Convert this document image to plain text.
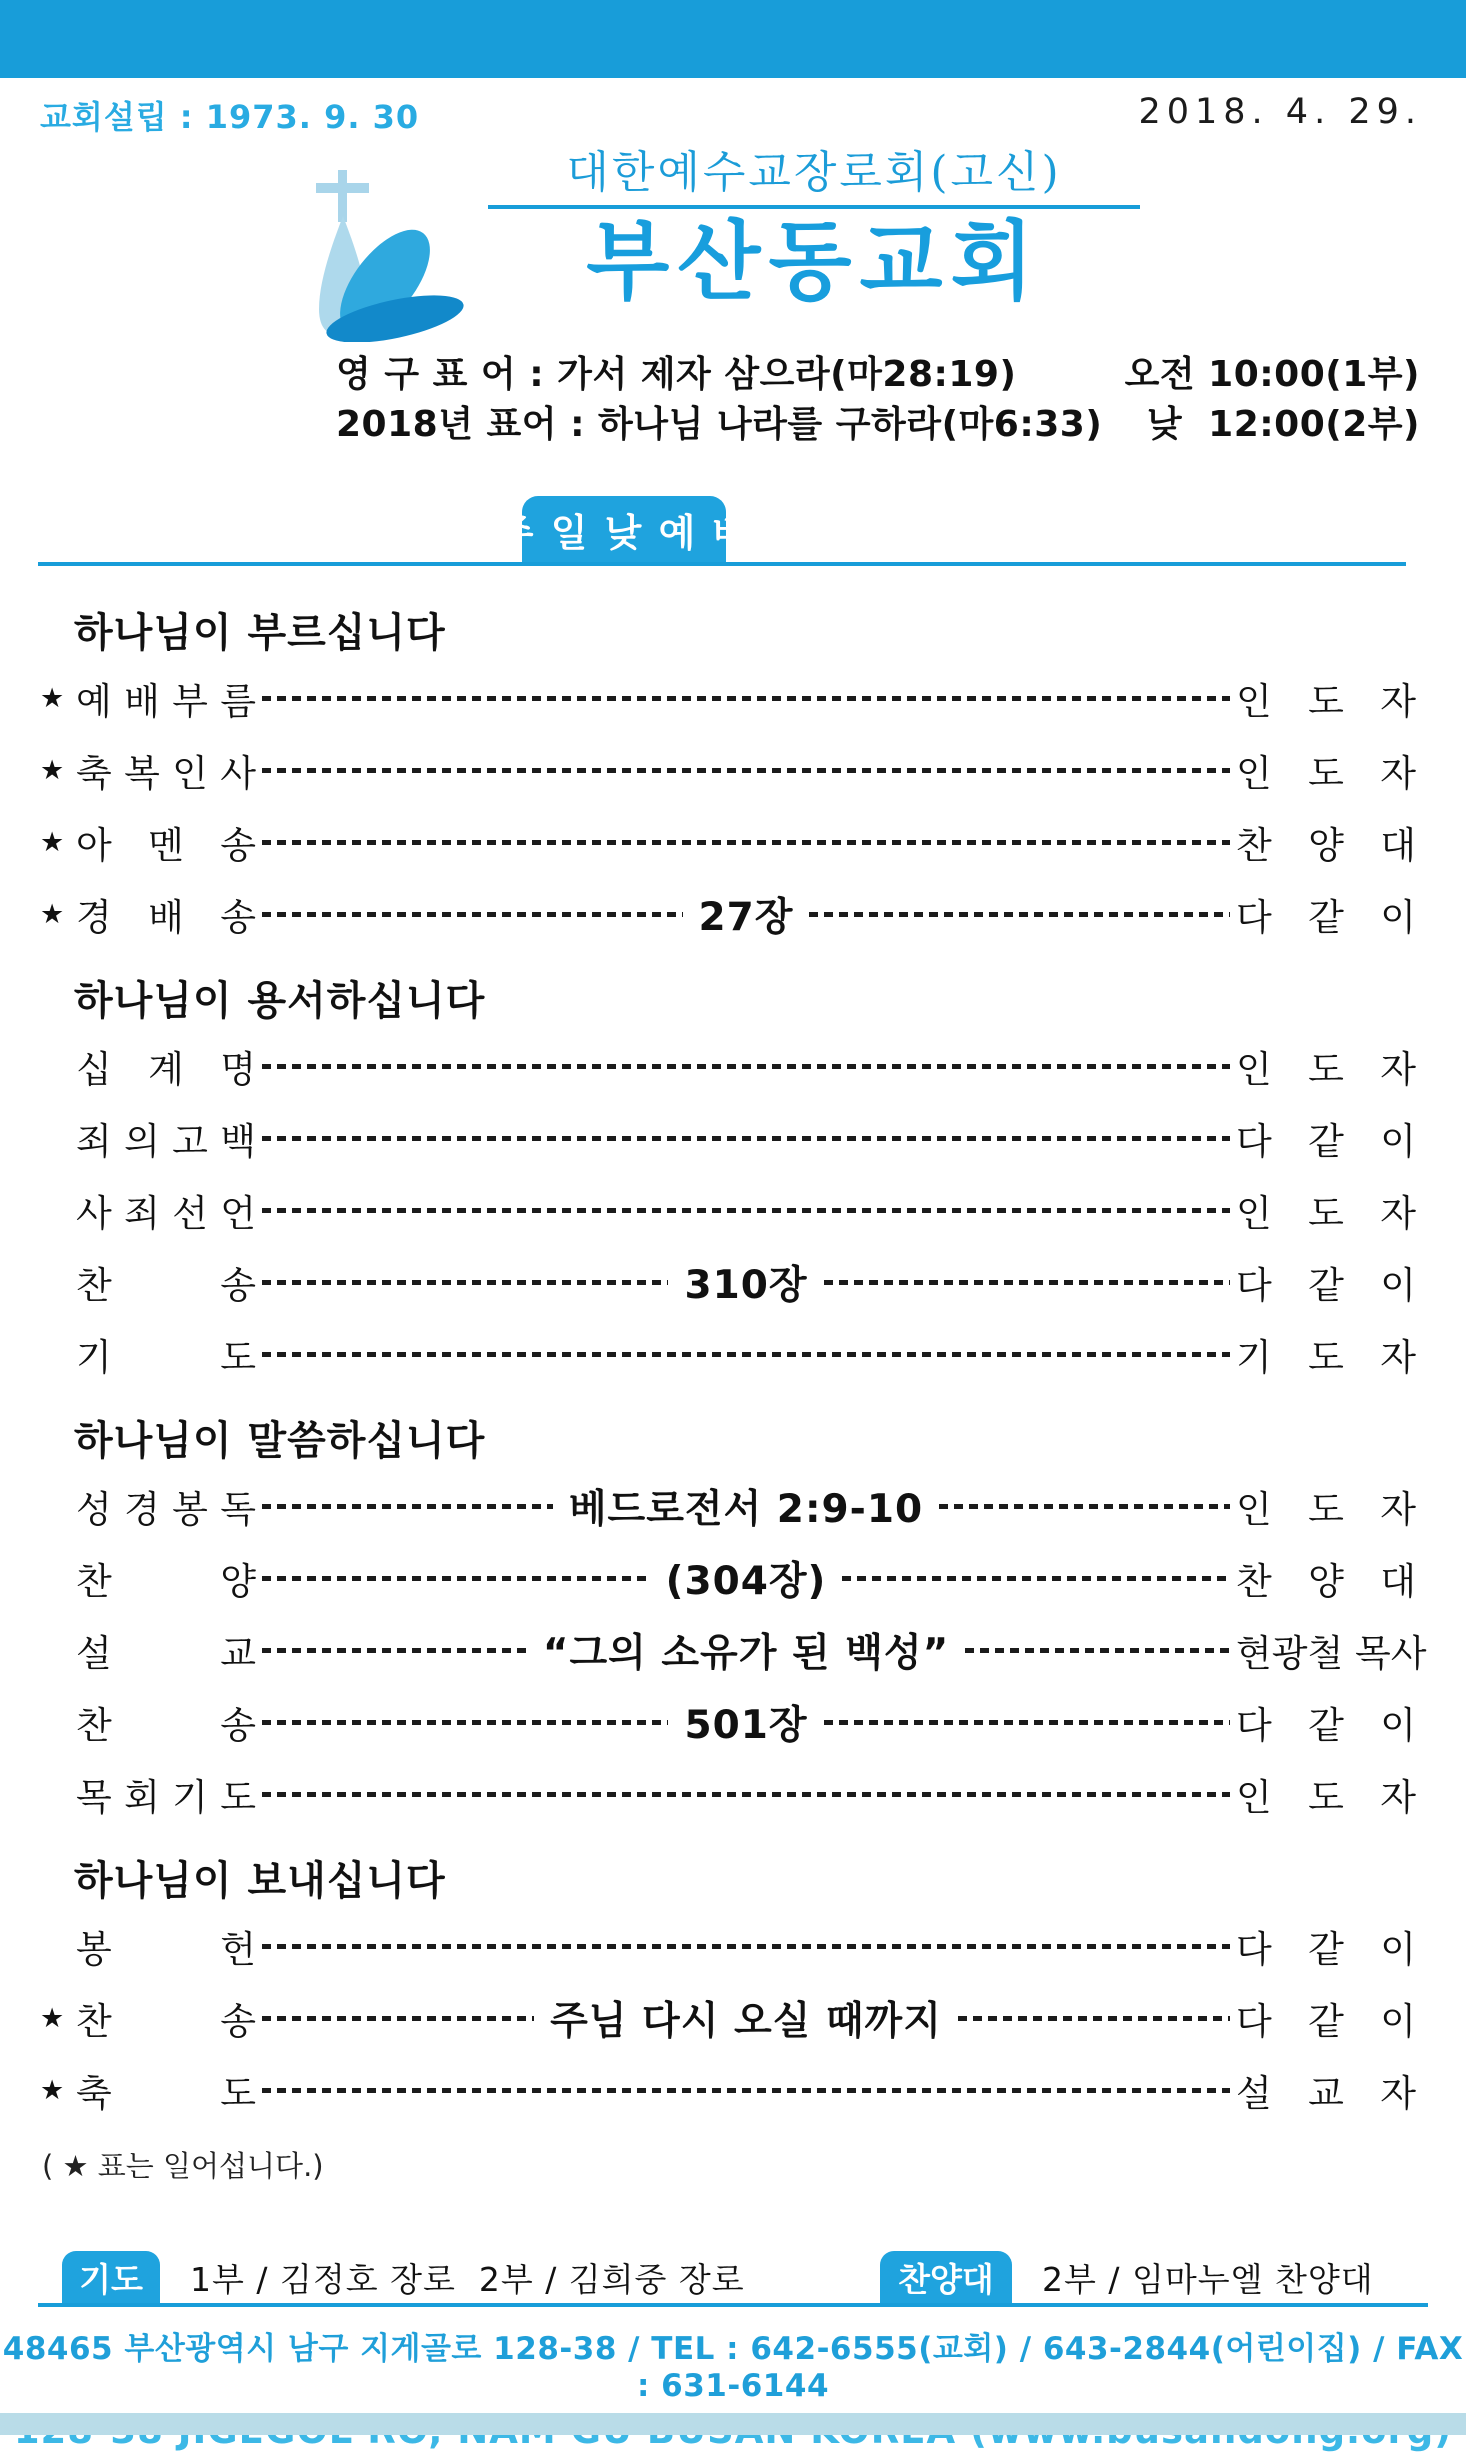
교회설립 : 1973. 9. 30	2018. 4. 29.
대한예수교장로회(고신)
부산동교회
영 구 표 어 : 가서 제자 삼으라(마28:19)	오전 10:00(1부)
2018년 표어 : 하나님 나라를 구하라(마6:33) 낮  12:00(2부)
주 일 낮 예 배
하나님이 부르십니다
★ 예 배 부 름	인 도 자
★ 축 복 인 사	인 도 자
★ 아 멘 송	찬 양 대
★ 경 배 송	27장	다 같 이
하나님이 용서하십니다
십 계 명	인 도 자
죄 의 고 백	다 같 이
사 죄 선 언	인 도 자
찬 송	310장	다 같 이
기 도	기 도 자
하나님이 말씀하십니다
성 경 봉 독	베드로전서 2:9-10	인 도 자
찬 양	(304장)	찬 양 대
설 교	“그의 소유가 된 백성”	현광철 목사
찬 송	501장	다 같 이
목 회 기 도	인 도 자
하나님이 보내십니다
봉 헌	다 같 이
★ 찬 송	주님 다시 오실 때까지	다 같 이
★ 축 도	설 교 자
( ★ 표는 일어섭니다.)
기도	1부 / 김정호 장로  2부 / 김희중 장로	찬양대	2부 / 임마누엘 찬양대
48465 부산광역시 남구 지게골로 128-38 / TEL : 642-6555(교회) / 643-2844(어린이집) / FAX : 631-6144
